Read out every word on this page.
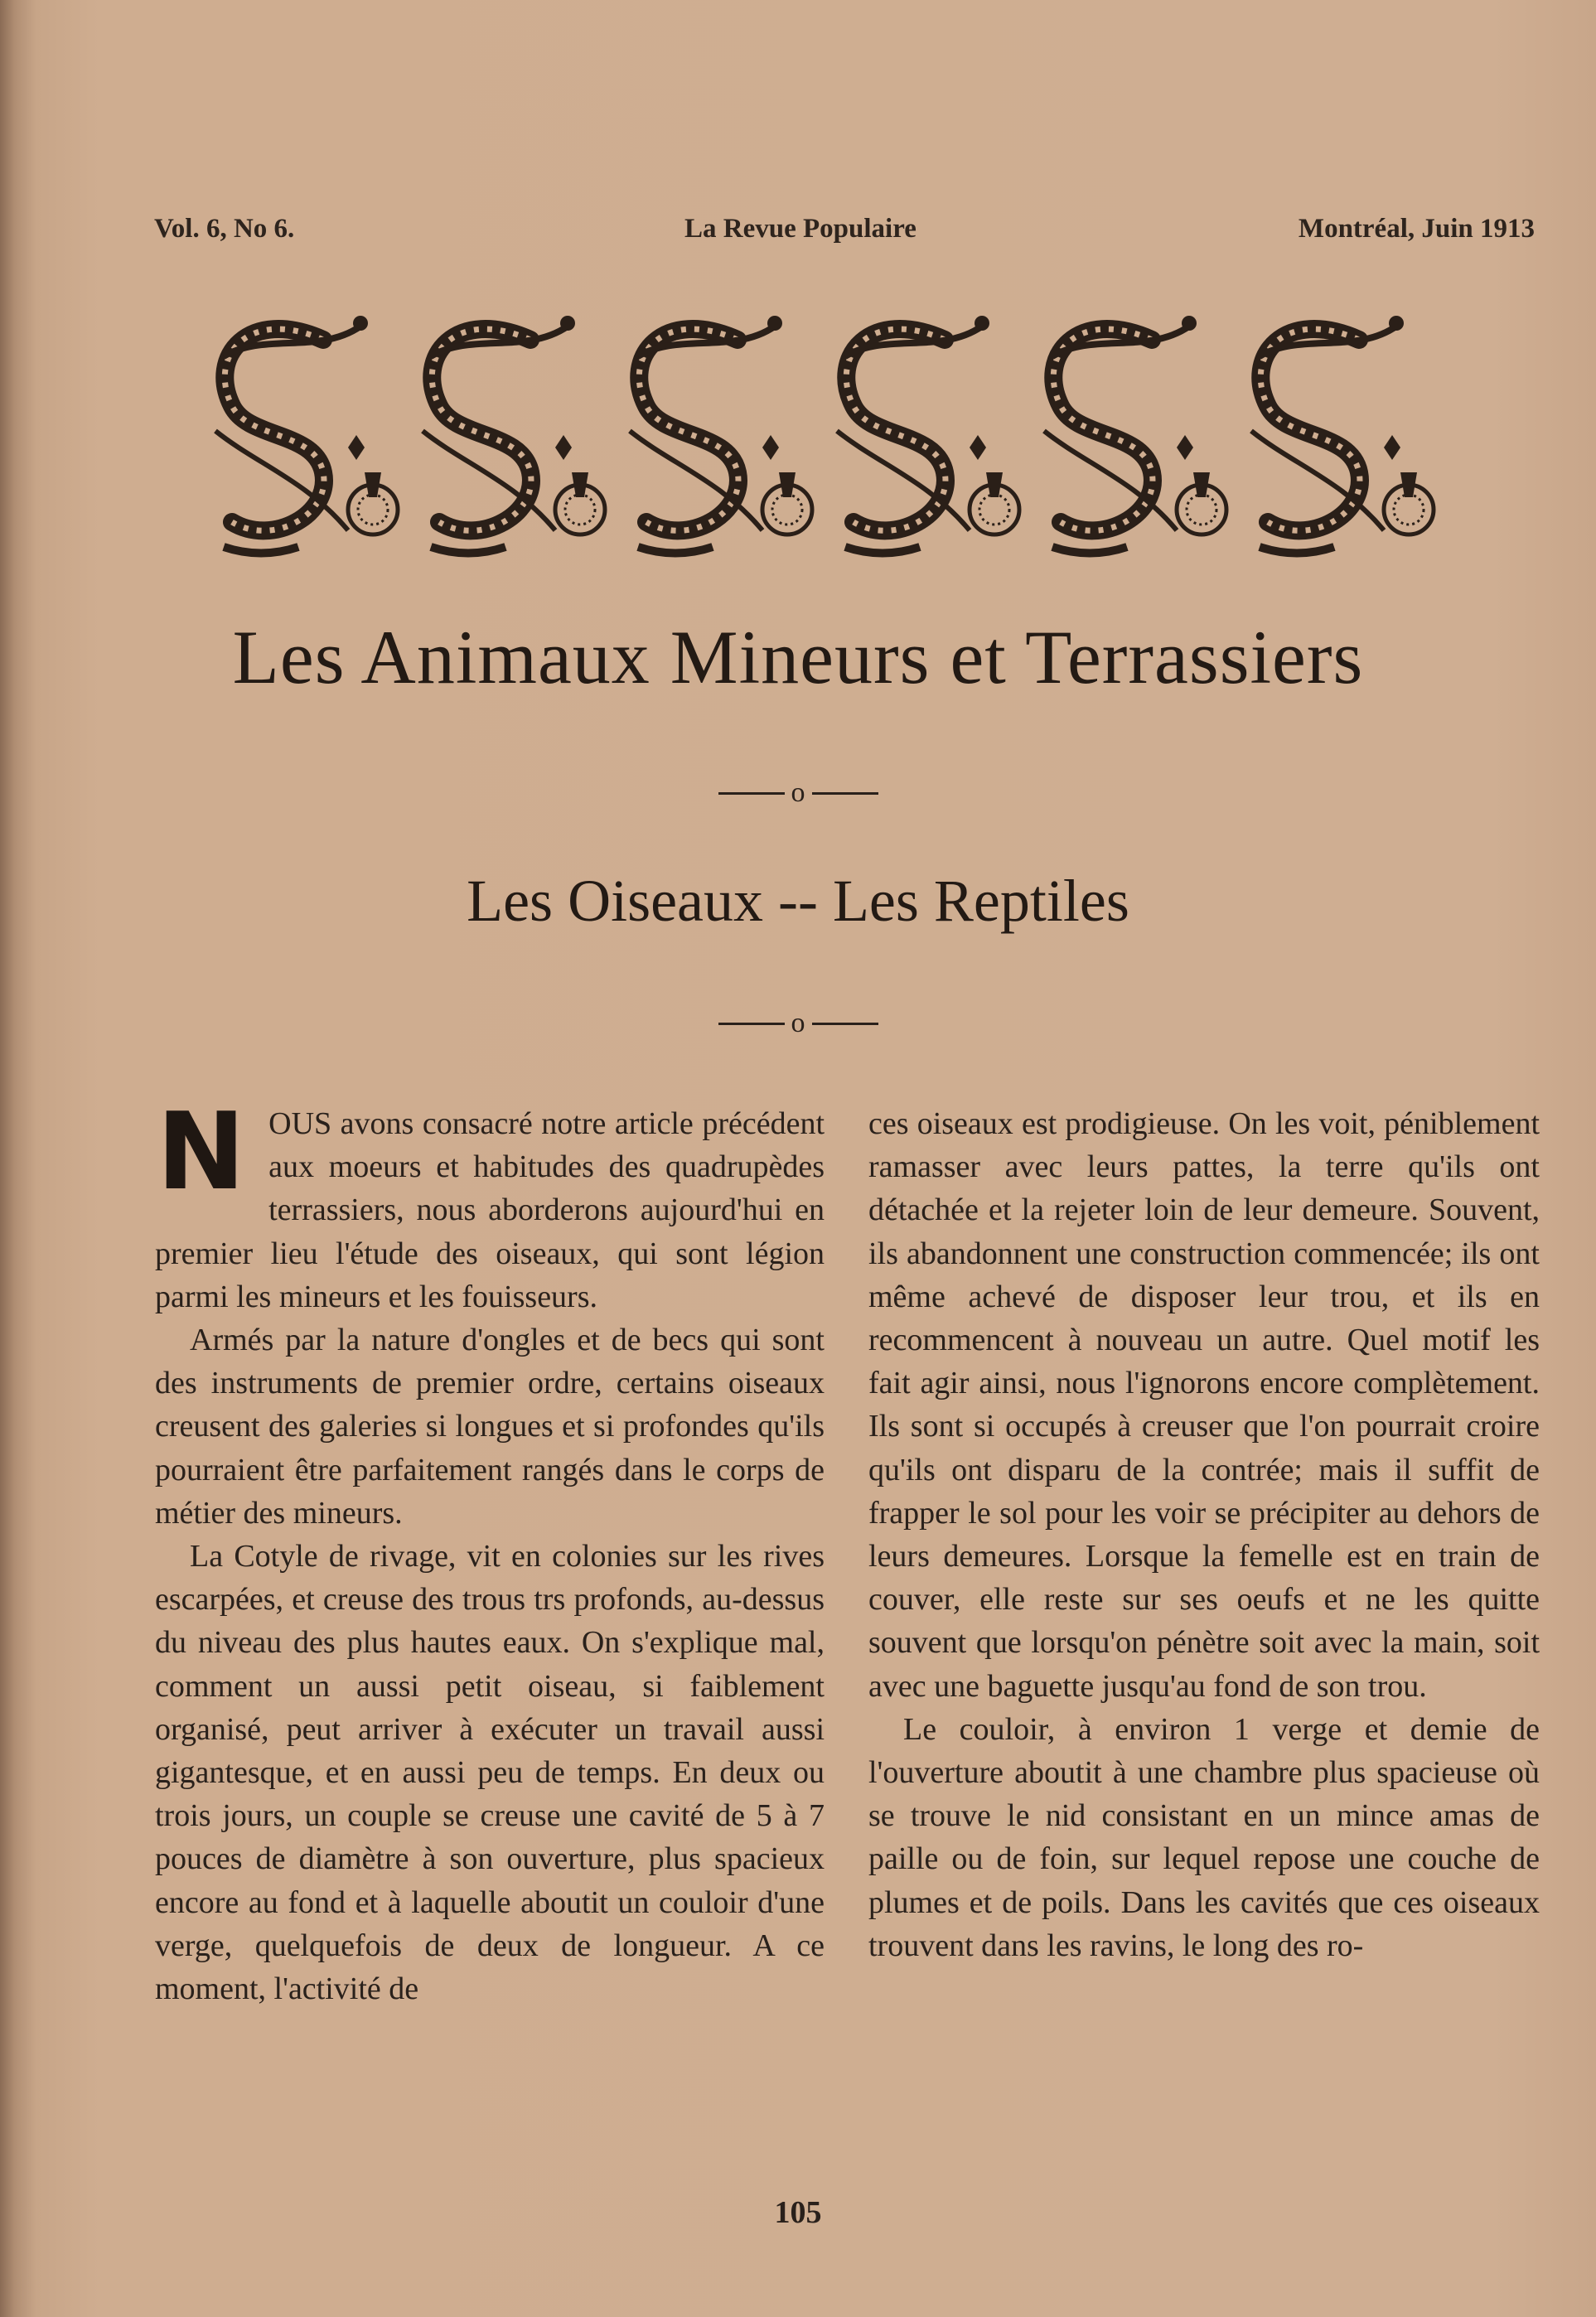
Vol. 6, No 6.	La Revue Populaire	Montréal, Juin 1913
Les Animaux Mineurs et Terrassiers
o
Les Oiseaux -- Les Reptiles
o
N OUS avons consacré notre article précédent aux moeurs et habitudes des quadrupèdes terrassiers, nous aborderons aujourd'hui en premier lieu l'étude des oiseaux, qui sont légion parmi les mineurs et les fouisseurs.

Armés par la nature d'ongles et de becs qui sont des instruments de premier ordre, certains oiseaux creusent des galeries si longues et si profondes qu'ils pourraient être parfaitement rangés dans le corps de métier des mineurs.

La Cotyle de rivage, vit en colonies sur les rives escarpées, et creuse des trous trs profonds, au-dessus du niveau des plus hautes eaux. On s'explique mal, comment un aussi petit oiseau, si faiblement organisé, peut arriver à exécuter un travail aussi gigantesque, et en aussi peu de temps. En deux ou trois jours, un couple se creuse une cavité de 5 à 7 pouces de diamètre à son ouverture, plus spacieux encore au fond et à laquelle aboutit un couloir d'une verge, quelquefois de deux de longueur. A ce moment, l'activité de

ces oiseaux est prodigieuse. On les voit, péniblement ramasser avec leurs pattes, la terre qu'ils ont détachée et la rejeter loin de leur demeure. Souvent, ils abandonnent une construction commencée; ils ont même achevé de disposer leur trou, et ils en recommencent à nouveau un autre. Quel motif les fait agir ainsi, nous l'ignorons encore complètement. Ils sont si occupés à creuser que l'on pourrait croire qu'ils ont disparu de la contrée; mais il suffit de frapper le sol pour les voir se précipiter au dehors de leurs demeures. Lorsque la femelle est en train de couver, elle reste sur ses oeufs et ne les quitte souvent que lorsqu'on pénètre soit avec la main, soit avec une baguette jusqu'au fond de son trou.

Le couloir, à environ 1 verge et demie de l'ouverture aboutit à une chambre plus spacieuse où se trouve le nid consistant en un mince amas de paille ou de foin, sur lequel repose une couche de plumes et de poils. Dans les cavités que ces oiseaux trouvent dans les ravins, le long des ro-

105
